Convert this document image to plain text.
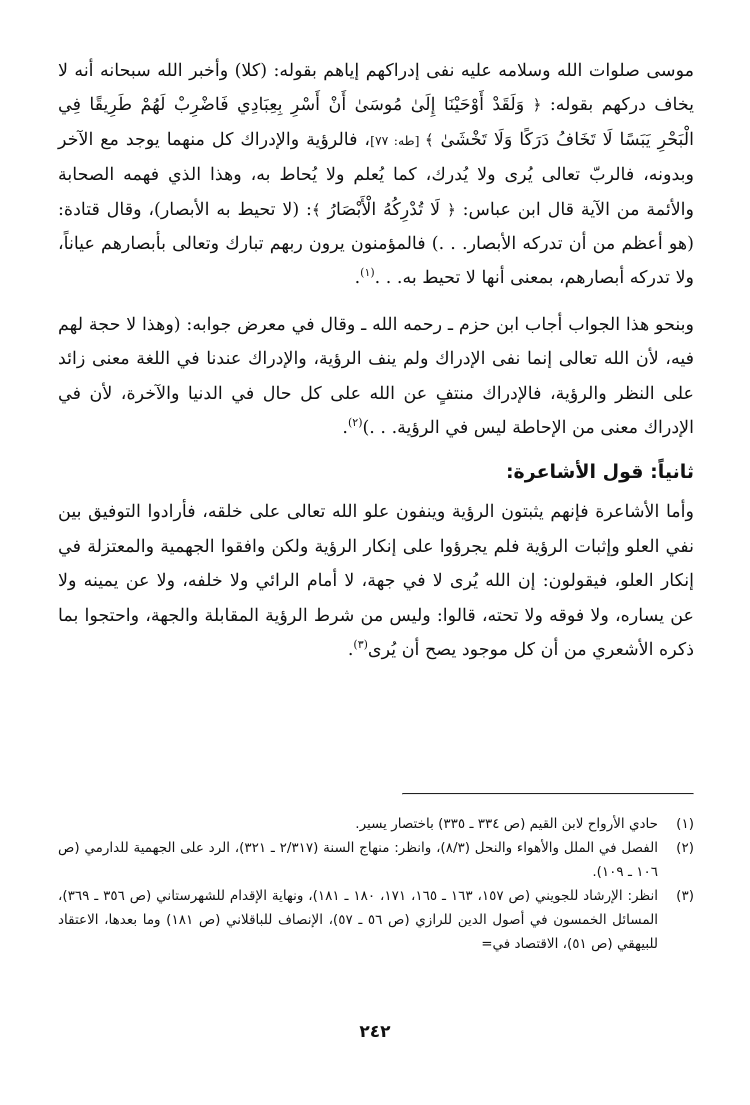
موسى صلوات الله وسلامه عليه نفى إدراكهم إياهم بقوله: (كلا) وأخبر الله سبحانه أنه لا يخاف دركهم بقوله: ﴿ وَلَقَدْ أَوْحَيْنَا إِلَىٰ مُوسَىٰ أَنْ أَسْرِ بِعِبَادِي فَاضْرِبْ لَهُمْ طَرِيقًا فِي الْبَحْرِ يَبَسًا لَا تَخَافُ دَرَكًا وَلَا تَخْشَىٰ ﴾ [طه: ٧٧]، فالرؤية والإدراك كل منهما يوجد مع الآخر وبدونه، فالربّ تعالى يُرى ولا يُدرك، كما يُعلم ولا يُحاط به، وهذا الذي فهمه الصحابة والأئمة من الآية قال ابن عباس: ﴿ لَا تُدْرِكُهُ الْأَبْصَارُ ﴾: (لا تحيط به الأبصار)، وقال قتادة: (هو أعظم من أن تدركه الأبصار. . .) فالمؤمنون يرون ربهم تبارك وتعالى بأبصارهم عياناً، ولا تدركه أبصارهم، بمعنى أنها لا تحيط به. . .$^{(١)}$.

وبنحو هذا الجواب أجاب ابن حزم ـ رحمه الله ـ وقال في معرض جوابه: (وهذا لا حجة لهم فيه، لأن الله تعالى إنما نفى الإدراك ولم ينف الرؤية، والإدراك عندنا في اللغة معنى زائد على النظر والرؤية، فالإدراك منتفٍ عن الله على كل حال في الدنيا والآخرة، لأن في الإدراك معنى من الإحاطة ليس في الرؤية. . .)$^{(٢)}$.

ثانياً: قول الأشاعرة:

وأما الأشاعرة فإنهم يثبتون الرؤية وينفون علو الله تعالى على خلقه، فأرادوا التوفيق بين نفي العلو وإثبات الرؤية فلم يجرؤوا على إنكار الرؤية ولكن وافقوا الجهمية والمعتزلة في إنكار العلو، فيقولون: إن الله يُرى لا في جهة، لا أمام الرائي ولا خلفه، ولا عن يمينه ولا عن يساره، ولا فوقه ولا تحته، قالوا: وليس من شرط الرؤية المقابلة والجهة، واحتجوا بما ذكره الأشعري من أن كل موجود يصح أن يُرى$^{(٣)}$.

(١)
حادي الأرواح لابن القيم (ص ٣٣٤ ـ ٣٣٥) باختصار يسير.
(٢)
الفصل في الملل والأهواء والنحل (٨/٣)، وانظر: منهاج السنة (٢/٣١٧ ـ ٣٢١)، الرد على الجهمية للدارمي (ص ١٠٦ ـ ١٠٩).
(٣)
انظر: الإرشاد للجويني (ص ١٥٧، ١٦٣ ـ ١٦٥، ١٧١، ١٨٠ ـ ١٨١)، ونهاية الإقدام للشهرستاني (ص ٣٥٦ ـ ٣٦٩)، المسائل الخمسون في أصول الدين للرازي (ص ٥٦ ـ ٥٧)، الإنصاف للباقلاني (ص ١٨١) وما بعدها، الاعتقاد للبيهقي (ص ٥١)، الاقتصاد في=
٢٤٢
